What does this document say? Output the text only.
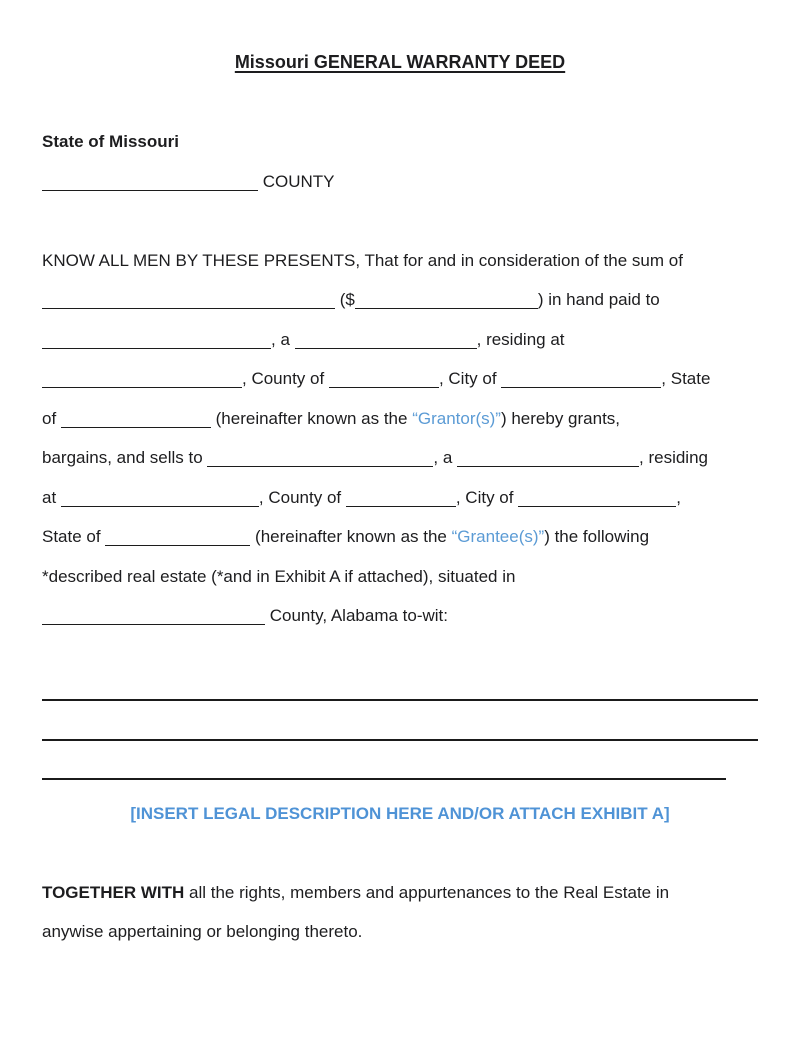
Missouri GENERAL WARRANTY DEED
State of Missouri
COUNTY
KNOW ALL MEN BY THESE PRESENTS, That for and in consideration of the sum of
($	) in hand paid to
, a	, residing at
, County of	, City of	, State
of	(hereinafter known as the “Grantor(s)”) hereby grants,
bargains, and sells to	, a	, residing
at	, County of	, City of	,
State of	(hereinafter known as the “Grantee(s)”) the following
*described real estate (*and in Exhibit A if attached), situated in
County, Alabama to-wit:
[INSERT LEGAL DESCRIPTION HERE AND/OR ATTACH EXHIBIT A]
TOGETHER WITH all the rights, members and appurtenances to the Real Estate in
anywise appertaining or belonging thereto.
